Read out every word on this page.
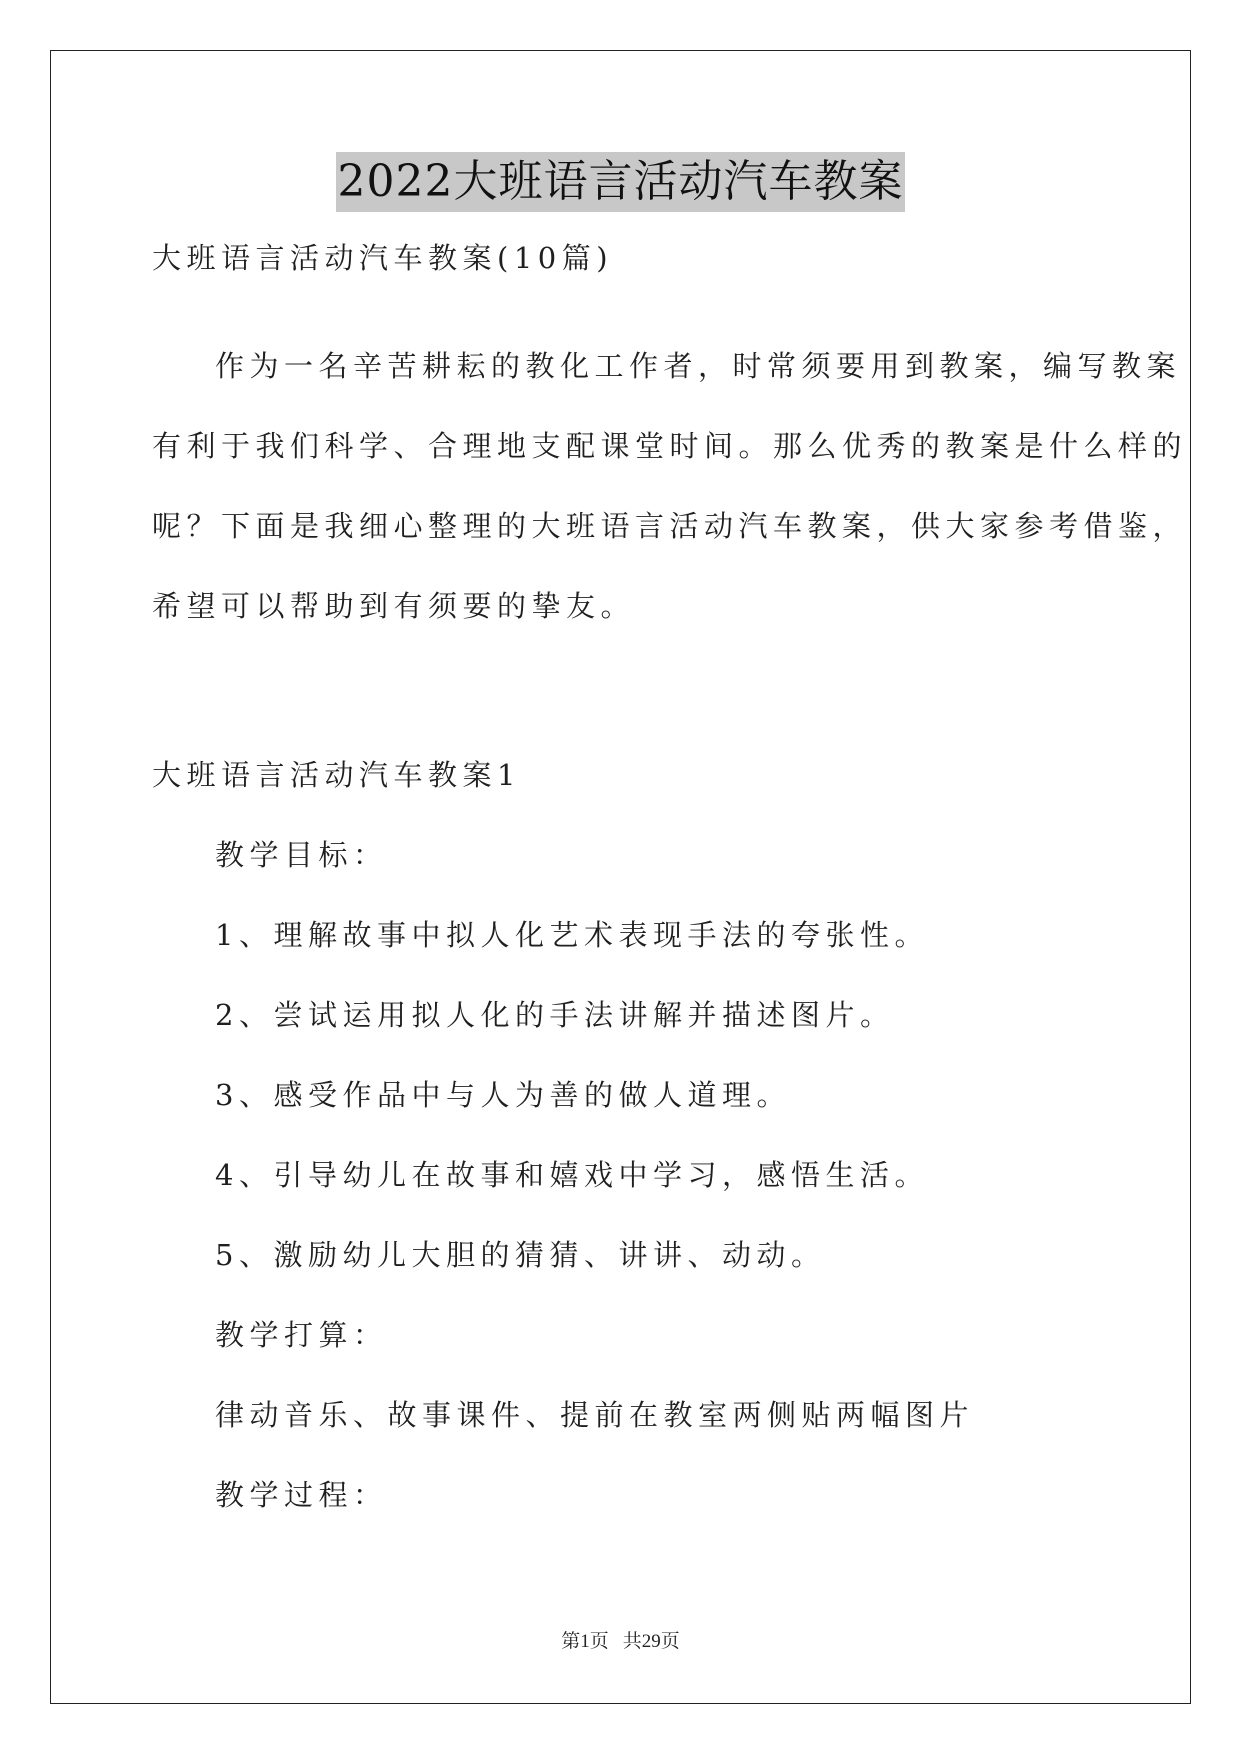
2022大班语言活动汽车教案
大班语言活动汽车教案(10篇)
作为一名辛苦耕耘的教化工作者，时常须要用到教案，编写教案
有利于我们科学、合理地支配课堂时间。那么优秀的教案是什么样的
呢？下面是我细心整理的大班语言活动汽车教案，供大家参考借鉴，
希望可以帮助到有须要的挚友。
大班语言活动汽车教案1
教学目标：
1、理解故事中拟人化艺术表现手法的夸张性。
2、尝试运用拟人化的手法讲解并描述图片。
3、感受作品中与人为善的做人道理。
4、引导幼儿在故事和嬉戏中学习，感悟生活。
5、激励幼儿大胆的猜猜、讲讲、动动。
教学打算：
律动音乐、故事课件、提前在教室两侧贴两幅图片
教学过程：
第1页 共29页
